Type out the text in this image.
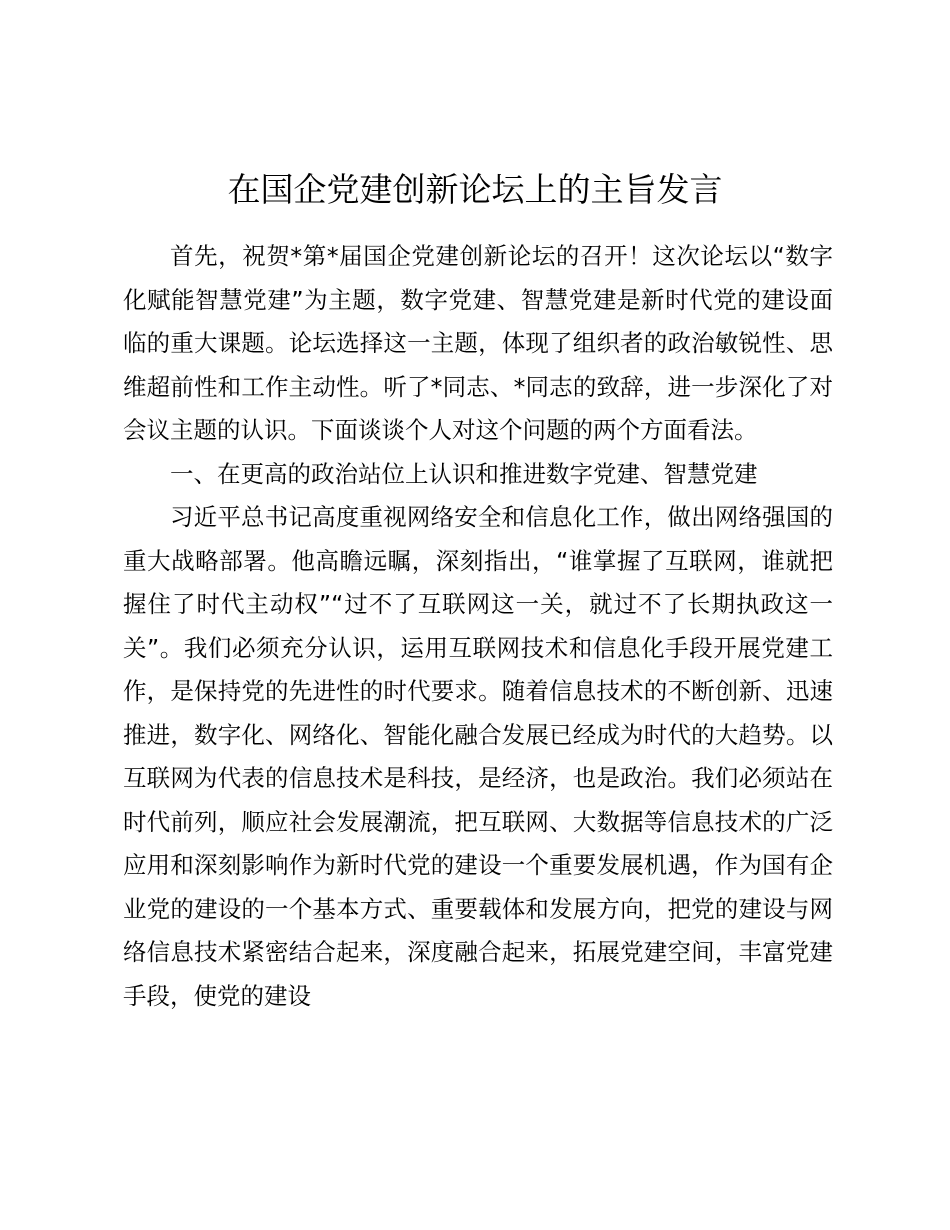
在国企党建创新论坛上的主旨发言

首先，祝贺*第*届国企党建创新论坛的召开！这次论坛以“数字化赋能智慧党建”为主题，数字党建、智慧党建是新时代党的建设面临的重大课题。论坛选择这一主题，体现了组织者的政治敏锐性、思维超前性和工作主动性。听了*同志、*同志的致辞，进一步深化了对会议主题的认识。下面谈谈个人对这个问题的两个方面看法。

一、在更高的政治站位上认识和推进数字党建、智慧党建

习近平总书记高度重视网络安全和信息化工作，做出网络强国的重大战略部署。他高瞻远瞩，深刻指出，“谁掌握了互联网，谁就把握住了时代主动权”“过不了互联网这一关，就过不了长期执政这一关”。我们必须充分认识，运用互联网技术和信息化手段开展党建工作，是保持党的先进性的时代要求。随着信息技术的不断创新、迅速推进，数字化、网络化、智能化融合发展已经成为时代的大趋势。以互联网为代表的信息技术是科技，是经济，也是政治。我们必须站在时代前列，顺应社会发展潮流，把互联网、大数据等信息技术的广泛应用和深刻影响作为新时代党的建设一个重要发展机遇，作为国有企业党的建设的一个基本方式、重要载体和发展方向，把党的建设与网络信息技术紧密结合起来，深度融合起来，拓展党建空间，丰富党建手段，使党的建设
